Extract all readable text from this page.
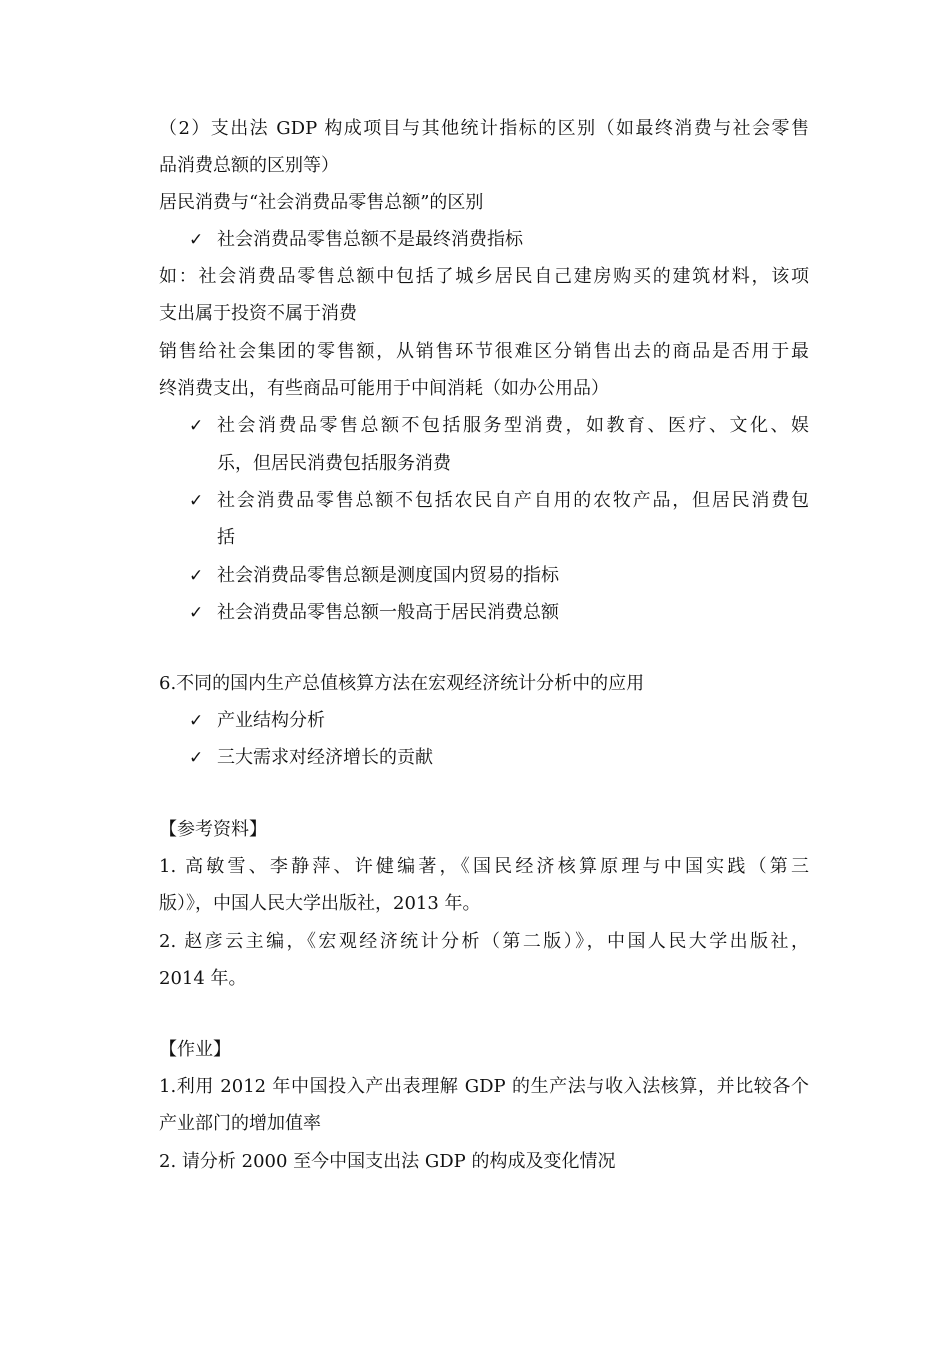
（2）支出法 GDP 构成项目与其他统计指标的区别（如最终消费与社会零售
品消费总额的区别等）
居民消费与“社会消费品零售总额”的区别
✓ 社会消费品零售总额不是最终消费指标
如：社会消费品零售总额中包括了城乡居民自己建房购买的建筑材料，该项
支出属于投资不属于消费
销售给社会集团的零售额，从销售环节很难区分销售出去的商品是否用于最
终消费支出，有些商品可能用于中间消耗（如办公用品）
✓ 社会消费品零售总额不包括服务型消费，如教育、医疗、文化、娱
乐，但居民消费包括服务消费
✓ 社会消费品零售总额不包括农民自产自用的农牧产品，但居民消费包
括
✓ 社会消费品零售总额是测度国内贸易的指标
✓ 社会消费品零售总额一般高于居民消费总额
6.不同的国内生产总值核算方法在宏观经济统计分析中的应用
✓ 产业结构分析
✓ 三大需求对经济增长的贡献
【参考资料】
1. 高敏雪、李静萍、许健编著，《国民经济核算原理与中国实践（第三
版）》，中国人民大学出版社，2013 年。
2. 赵彦云主编，《宏观经济统计分析（第二版）》，中国人民大学出版社，
2014 年。
【作业】
1.利用 2012 年中国投入产出表理解 GDP 的生产法与收入法核算，并比较各个
产业部门的增加值率
2. 请分析 2000 至今中国支出法 GDP 的构成及变化情况
